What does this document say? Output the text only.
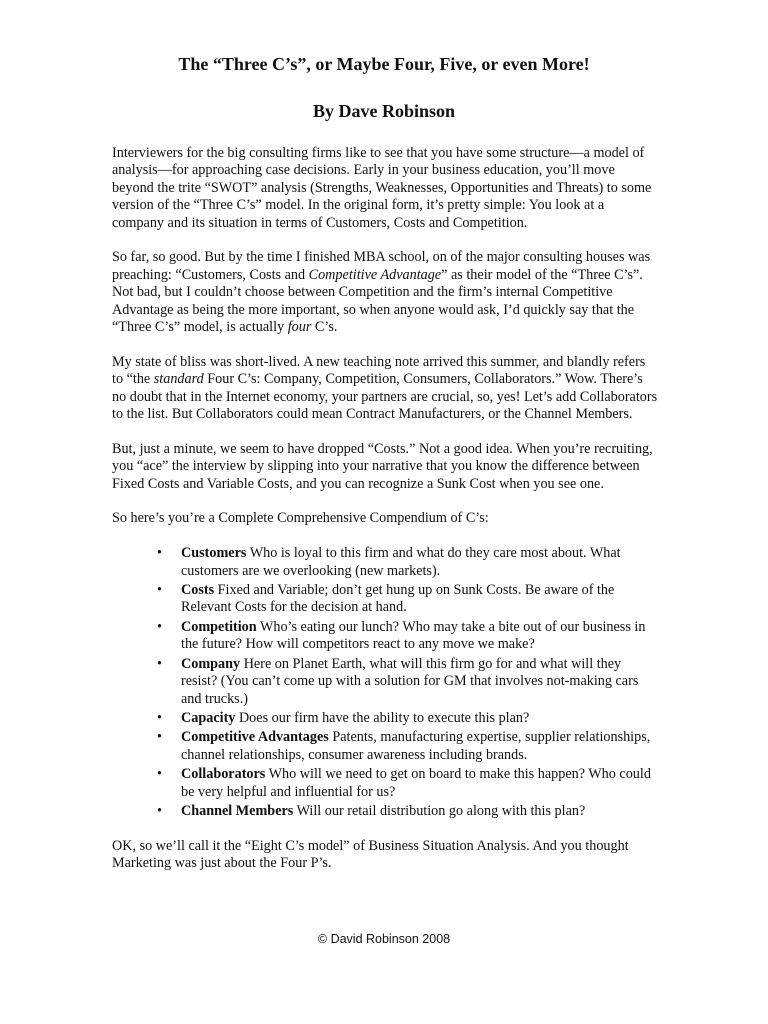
The “Three C’s”, or Maybe Four, Five, or even More!
By Dave Robinson

Interviewers for the big consulting firms like to see that you have some structure—a model of analysis—for approaching case decisions. Early in your business education, you’ll move beyond the trite “SWOT” analysis (Strengths, Weaknesses, Opportunities and Threats) to some version of the “Three C’s” model. In the original form, it’s pretty simple: You look at a company and its situation in terms of Customers, Costs and Competition.

So far, so good. But by the time I finished MBA school, on of the major consulting houses was preaching: “Customers, Costs and Competitive Advantage” as their model of the “Three C’s”. Not bad, but I couldn’t choose between Competition and the firm’s internal Competitive Advantage as being the more important, so when anyone would ask, I’d quickly say that the “Three C’s” model, is actually four C’s.

My state of bliss was short-lived. A new teaching note arrived this summer, and blandly refers to “the standard Four C’s: Company, Competition, Consumers, Collaborators.” Wow. There’s no doubt that in the Internet economy, your partners are crucial, so, yes! Let’s add Collaborators to the list. But Collaborators could mean Contract Manufacturers, or the Channel Members.

But, just a minute, we seem to have dropped “Costs.” Not a good idea. When you’re recruiting, you “ace” the interview by slipping into your narrative that you know the difference between Fixed Costs and Variable Costs, and you can recognize a Sunk Cost when you see one.

So here’s you’re a Complete Comprehensive Compendium of C’s:

• Customers Who is loyal to this firm and what do they care most about. What customers are we overlooking (new markets).
• Costs Fixed and Variable; don’t get hung up on Sunk Costs. Be aware of the Relevant Costs for the decision at hand.
• Competition Who’s eating our lunch? Who may take a bite out of our business in the future? How will competitors react to any move we make?
• Company Here on Planet Earth, what will this firm go for and what will they resist? (You can’t come up with a solution for GM that involves not-making cars and trucks.)
• Capacity Does our firm have the ability to execute this plan?
• Competitive Advantages Patents, manufacturing expertise, supplier relationships, channel relationships, consumer awareness including brands.
• Collaborators Who will we need to get on board to make this happen? Who could be very helpful and influential for us?
• Channel Members Will our retail distribution go along with this plan?

OK, so we’ll call it the “Eight C’s model” of Business Situation Analysis. And you thought Marketing was just about the Four P’s.

© David Robinson 2008
